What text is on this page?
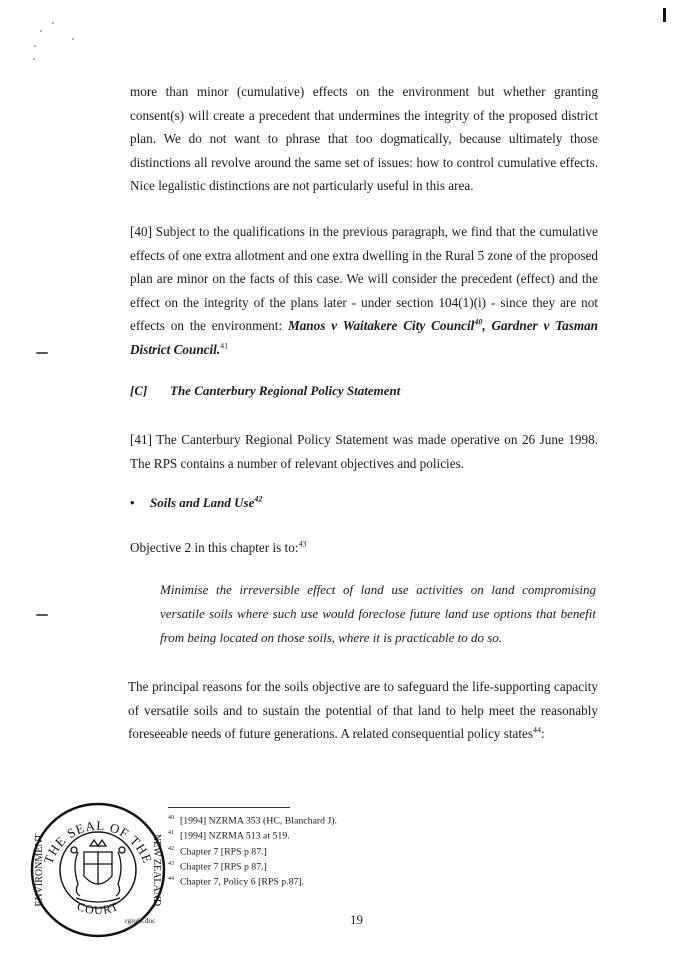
more than minor (cumulative) effects on the environment but whether granting consent(s) will create a precedent that undermines the integrity of the proposed district plan. We do not want to phrase that too dogmatically, because ultimately those distinctions all revolve around the same set of issues: how to control cumulative effects. Nice legalistic distinctions are not particularly useful in this area.

[40] Subject to the qualifications in the previous paragraph, we find that the cumulative effects of one extra allotment and one extra dwelling in the Rural 5 zone of the proposed plan are minor on the facts of this case. We will consider the precedent (effect) and the effect on the integrity of the plans later - under section 104(1)(i) - since they are not effects on the environment: Manos v Waitakere City Council$^{40}$, Gardner v Tasman District Council.$^{41}$

[C] The Canterbury Regional Policy Statement

[41] The Canterbury Regional Policy Statement was made operative on 26 June 1998. The RPS contains a number of relevant objectives and policies.

• Soils and Land Use$^{42}$
Objective 2 in this chapter is to:$^{43}$
Minimise the irreversible effect of land use activities on land compromising versatile soils where such use would foreclose future land use options that benefit from being located on those soils, where it is practicable to do so.

The principal reasons for the soils objective are to safeguard the life-supporting capacity of versatile soils and to sustain the potential of that land to help meet the reasonably foreseeable needs of future generations. A related consequential policy states$^{44}$:

40 [1994] NZRMA 353 (HC, Blanchard J).
41 [1994] NZRMA 513 at 519.
42 Chapter 7 [RPS p 87.]
43 Chapter 7 [RPS p 87.]
44 Chapter 7, Policy 6 [RPS p.87].
THE SEAL OF THE
COURT
ENVIRONMENT	NEW ZEALAND
rgiulo.doc	19
